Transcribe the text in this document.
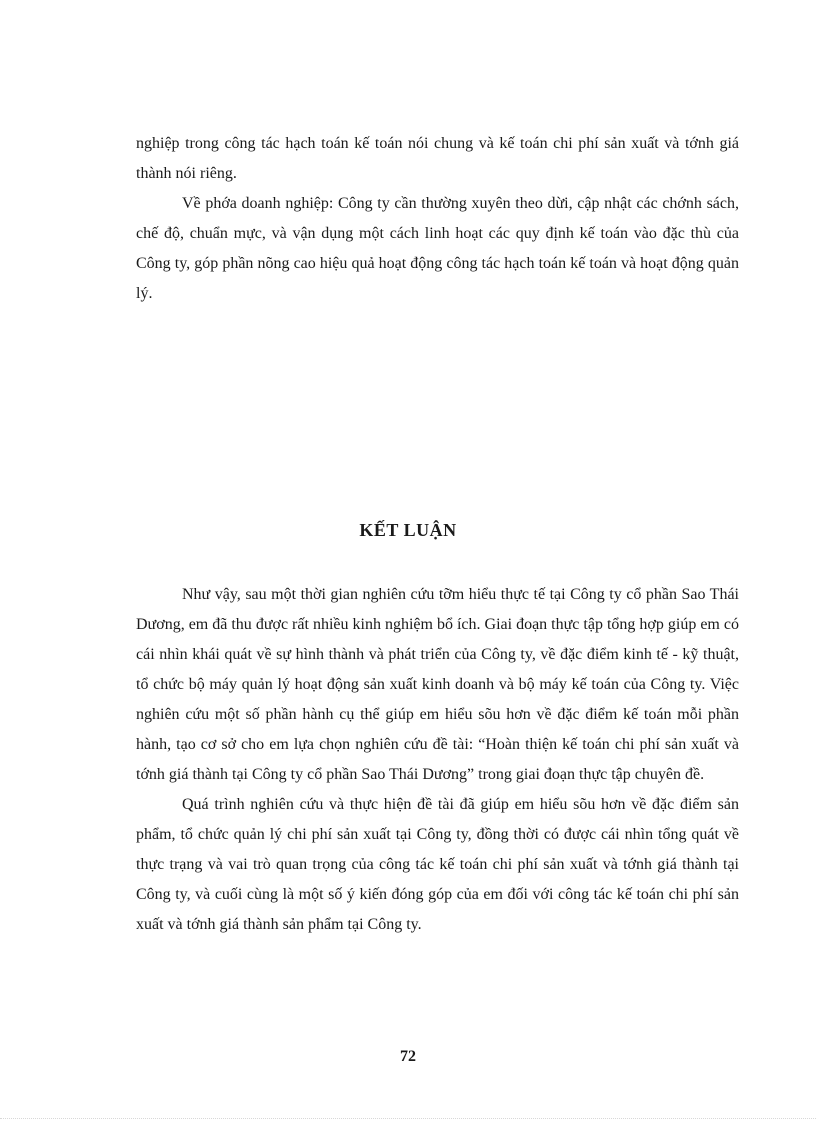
nghiệp trong công tác hạch toán kế toán nói chung và kế toán chi phí sản xuất và tớnh giá thành nói riêng.

Về phớa doanh nghiệp: Công ty cần thường xuyên theo dừi, cập nhật các chớnh sách, chế độ, chuẩn mực, và vận dụng một cách linh hoạt các quy định kế toán vào đặc thù của Công ty, góp phần nõng cao hiệu quả hoạt động công tác hạch toán kế toán và hoạt động quản lý.

KẾT LUẬN

Như vậy, sau một thời gian nghiên cứu tỡm hiểu thực tế tại Công ty cổ phần Sao Thái Dương, em đã thu được rất nhiều kinh nghiệm bổ ích. Giai đoạn thực tập tổng hợp giúp em có cái nhìn khái quát về sự hình thành và phát triển của Công ty, về đặc điểm kinh tế - kỹ thuật, tổ chức bộ máy quản lý hoạt động sản xuất kinh doanh và bộ máy kế toán của Công ty. Việc nghiên cứu một số phần hành cụ thể giúp em hiểu sõu hơn về đặc điểm kế toán mỗi phần hành, tạo cơ sở cho em lựa chọn nghiên cứu đề tài: “Hoàn thiện kế toán chi phí sản xuất và tớnh giá thành tại Công ty cổ phần Sao Thái Dương” trong giai đoạn thực tập chuyên đề.

Quá trình nghiên cứu và thực hiện đề tài đã giúp em hiểu sõu hơn về đặc điểm sản phẩm, tổ chức quản lý chi phí sản xuất tại Công ty, đồng thời có được cái nhìn tổng quát về thực trạng và vai trò quan trọng của công tác kế toán chi phí sản xuất và tớnh giá thành tại Công ty, và cuối cùng là một số ý kiến đóng góp của em đối với công tác kế toán chi phí sản xuất và tớnh giá thành sản phẩm tại Công ty.

72
